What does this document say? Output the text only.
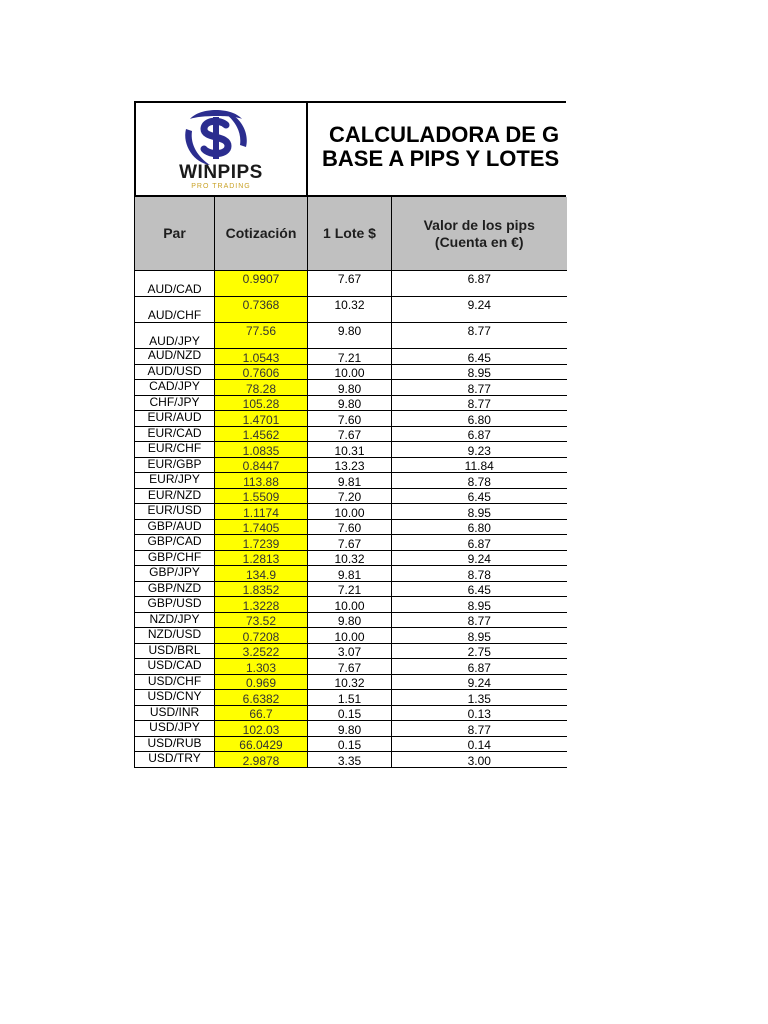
WINPIPS
PRO TRADING
CALCULADORA DE G
BASE A PIPS Y LOTES
Par	Cotización	1 Lote $	Valor de los pips
(Cuenta en €)
AUD/CAD	0.9907	7.67	6.87
AUD/CHF	0.7368	10.32	9.24
AUD/JPY	77.56	9.80	8.77
AUD/NZD	1.0543	7.21	6.45
AUD/USD	0.7606	10.00	8.95
CAD/JPY	78.28	9.80	8.77
CHF/JPY	105.28	9.80	8.77
EUR/AUD	1.4701	7.60	6.80
EUR/CAD	1.4562	7.67	6.87
EUR/CHF	1.0835	10.31	9.23
EUR/GBP	0.8447	13.23	11.84
EUR/JPY	113.88	9.81	8.78
EUR/NZD	1.5509	7.20	6.45
EUR/USD	1.1174	10.00	8.95
GBP/AUD	1.7405	7.60	6.80
GBP/CAD	1.7239	7.67	6.87
GBP/CHF	1.2813	10.32	9.24
GBP/JPY	134.9	9.81	8.78
GBP/NZD	1.8352	7.21	6.45
GBP/USD	1.3228	10.00	8.95
NZD/JPY	73.52	9.80	8.77
NZD/USD	0.7208	10.00	8.95
USD/BRL	3.2522	3.07	2.75
USD/CAD	1.303	7.67	6.87
USD/CHF	0.969	10.32	9.24
USD/CNY	6.6382	1.51	1.35
USD/INR	66.7	0.15	0.13
USD/JPY	102.03	9.80	8.77
USD/RUB	66.0429	0.15	0.14
USD/TRY	2.9878	3.35	3.00
